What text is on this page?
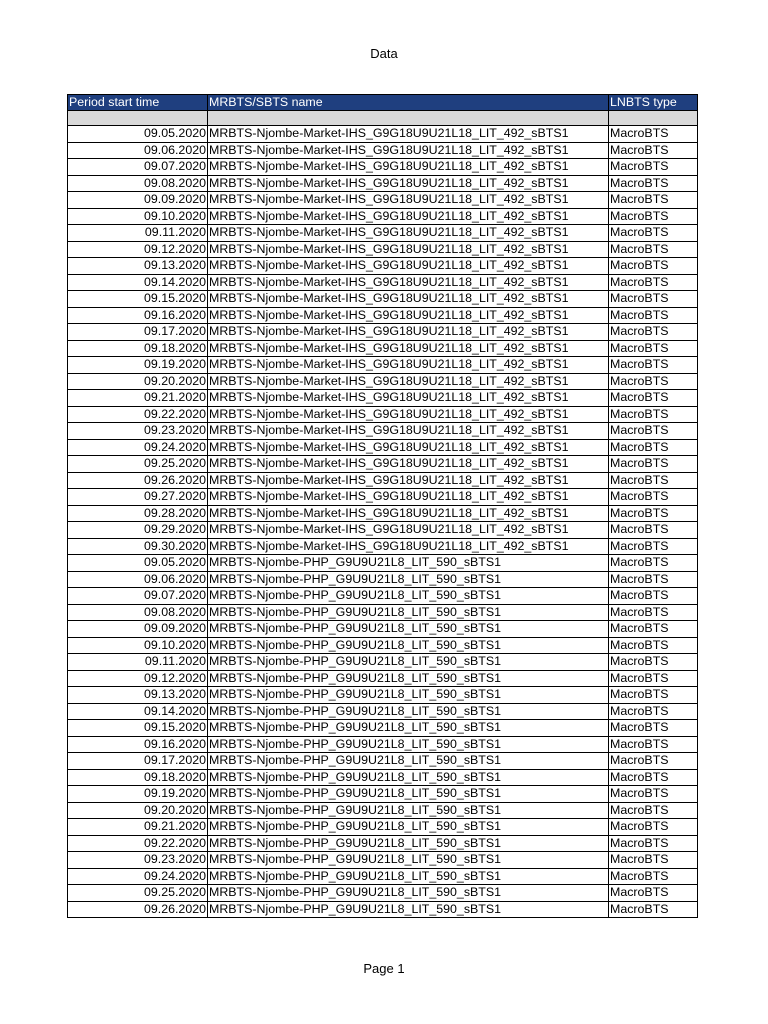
Data
Period start time	MRBTS/SBTS name	LNBTS type

09.05.2020	MRBTS-Njombe-Market-IHS_G9G18U9U21L18_LIT_492_sBTS1	MacroBTS
09.06.2020	MRBTS-Njombe-Market-IHS_G9G18U9U21L18_LIT_492_sBTS1	MacroBTS
09.07.2020	MRBTS-Njombe-Market-IHS_G9G18U9U21L18_LIT_492_sBTS1	MacroBTS
09.08.2020	MRBTS-Njombe-Market-IHS_G9G18U9U21L18_LIT_492_sBTS1	MacroBTS
09.09.2020	MRBTS-Njombe-Market-IHS_G9G18U9U21L18_LIT_492_sBTS1	MacroBTS
09.10.2020	MRBTS-Njombe-Market-IHS_G9G18U9U21L18_LIT_492_sBTS1	MacroBTS
09.11.2020	MRBTS-Njombe-Market-IHS_G9G18U9U21L18_LIT_492_sBTS1	MacroBTS
09.12.2020	MRBTS-Njombe-Market-IHS_G9G18U9U21L18_LIT_492_sBTS1	MacroBTS
09.13.2020	MRBTS-Njombe-Market-IHS_G9G18U9U21L18_LIT_492_sBTS1	MacroBTS
09.14.2020	MRBTS-Njombe-Market-IHS_G9G18U9U21L18_LIT_492_sBTS1	MacroBTS
09.15.2020	MRBTS-Njombe-Market-IHS_G9G18U9U21L18_LIT_492_sBTS1	MacroBTS
09.16.2020	MRBTS-Njombe-Market-IHS_G9G18U9U21L18_LIT_492_sBTS1	MacroBTS
09.17.2020	MRBTS-Njombe-Market-IHS_G9G18U9U21L18_LIT_492_sBTS1	MacroBTS
09.18.2020	MRBTS-Njombe-Market-IHS_G9G18U9U21L18_LIT_492_sBTS1	MacroBTS
09.19.2020	MRBTS-Njombe-Market-IHS_G9G18U9U21L18_LIT_492_sBTS1	MacroBTS
09.20.2020	MRBTS-Njombe-Market-IHS_G9G18U9U21L18_LIT_492_sBTS1	MacroBTS
09.21.2020	MRBTS-Njombe-Market-IHS_G9G18U9U21L18_LIT_492_sBTS1	MacroBTS
09.22.2020	MRBTS-Njombe-Market-IHS_G9G18U9U21L18_LIT_492_sBTS1	MacroBTS
09.23.2020	MRBTS-Njombe-Market-IHS_G9G18U9U21L18_LIT_492_sBTS1	MacroBTS
09.24.2020	MRBTS-Njombe-Market-IHS_G9G18U9U21L18_LIT_492_sBTS1	MacroBTS
09.25.2020	MRBTS-Njombe-Market-IHS_G9G18U9U21L18_LIT_492_sBTS1	MacroBTS
09.26.2020	MRBTS-Njombe-Market-IHS_G9G18U9U21L18_LIT_492_sBTS1	MacroBTS
09.27.2020	MRBTS-Njombe-Market-IHS_G9G18U9U21L18_LIT_492_sBTS1	MacroBTS
09.28.2020	MRBTS-Njombe-Market-IHS_G9G18U9U21L18_LIT_492_sBTS1	MacroBTS
09.29.2020	MRBTS-Njombe-Market-IHS_G9G18U9U21L18_LIT_492_sBTS1	MacroBTS
09.30.2020	MRBTS-Njombe-Market-IHS_G9G18U9U21L18_LIT_492_sBTS1	MacroBTS
09.05.2020	MRBTS-Njombe-PHP_G9U9U21L8_LIT_590_sBTS1	MacroBTS
09.06.2020	MRBTS-Njombe-PHP_G9U9U21L8_LIT_590_sBTS1	MacroBTS
09.07.2020	MRBTS-Njombe-PHP_G9U9U21L8_LIT_590_sBTS1	MacroBTS
09.08.2020	MRBTS-Njombe-PHP_G9U9U21L8_LIT_590_sBTS1	MacroBTS
09.09.2020	MRBTS-Njombe-PHP_G9U9U21L8_LIT_590_sBTS1	MacroBTS
09.10.2020	MRBTS-Njombe-PHP_G9U9U21L8_LIT_590_sBTS1	MacroBTS
09.11.2020	MRBTS-Njombe-PHP_G9U9U21L8_LIT_590_sBTS1	MacroBTS
09.12.2020	MRBTS-Njombe-PHP_G9U9U21L8_LIT_590_sBTS1	MacroBTS
09.13.2020	MRBTS-Njombe-PHP_G9U9U21L8_LIT_590_sBTS1	MacroBTS
09.14.2020	MRBTS-Njombe-PHP_G9U9U21L8_LIT_590_sBTS1	MacroBTS
09.15.2020	MRBTS-Njombe-PHP_G9U9U21L8_LIT_590_sBTS1	MacroBTS
09.16.2020	MRBTS-Njombe-PHP_G9U9U21L8_LIT_590_sBTS1	MacroBTS
09.17.2020	MRBTS-Njombe-PHP_G9U9U21L8_LIT_590_sBTS1	MacroBTS
09.18.2020	MRBTS-Njombe-PHP_G9U9U21L8_LIT_590_sBTS1	MacroBTS
09.19.2020	MRBTS-Njombe-PHP_G9U9U21L8_LIT_590_sBTS1	MacroBTS
09.20.2020	MRBTS-Njombe-PHP_G9U9U21L8_LIT_590_sBTS1	MacroBTS
09.21.2020	MRBTS-Njombe-PHP_G9U9U21L8_LIT_590_sBTS1	MacroBTS
09.22.2020	MRBTS-Njombe-PHP_G9U9U21L8_LIT_590_sBTS1	MacroBTS
09.23.2020	MRBTS-Njombe-PHP_G9U9U21L8_LIT_590_sBTS1	MacroBTS
09.24.2020	MRBTS-Njombe-PHP_G9U9U21L8_LIT_590_sBTS1	MacroBTS
09.25.2020	MRBTS-Njombe-PHP_G9U9U21L8_LIT_590_sBTS1	MacroBTS
09.26.2020	MRBTS-Njombe-PHP_G9U9U21L8_LIT_590_sBTS1	MacroBTS
Page 1
